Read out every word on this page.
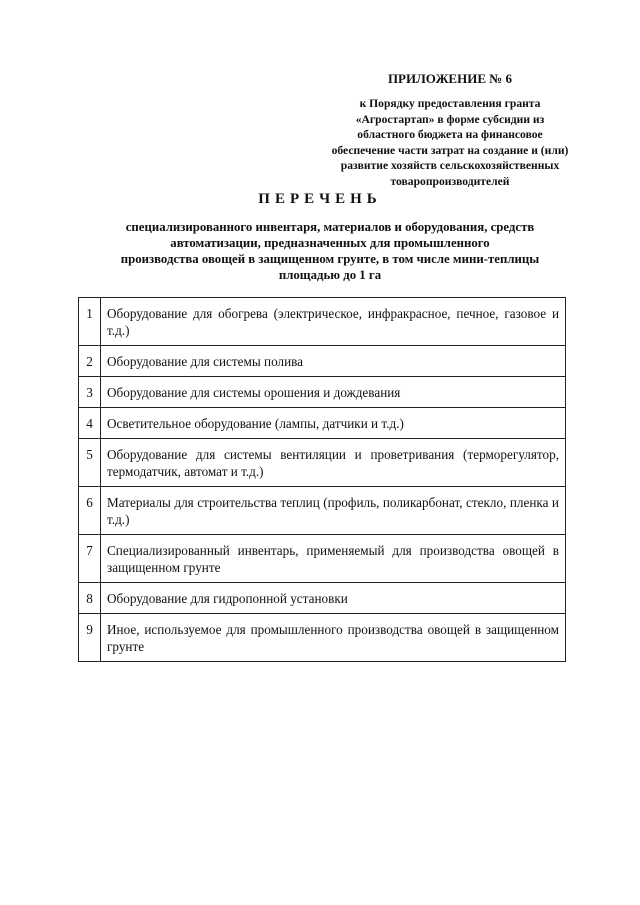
ПРИЛОЖЕНИЕ № 6
к Порядку предоставления гранта
«Агростартап» в форме субсидии из
областного бюджета на финансовое
обеспечение части затрат на создание и (или)
развитие хозяйств сельскохозяйственных
товаропроизводителей
ПЕРЕЧЕНЬ
специализированного инвентаря, материалов и оборудования, средств
автоматизации, предназначенных для промышленного
производства овощей в защищенном грунте, в том числе мини-теплицы
площадью до 1 га
1	Оборудование для обогрева (электрическое, инфракрасное, печное, газовое и т.д.)
2	Оборудование для системы полива
3	Оборудование для системы орошения и дождевания
4	Осветительное оборудование (лампы, датчики и т.д.)
5	Оборудование для системы вентиляции и проветривания (терморегулятор, термодатчик, автомат и т.д.)
6	Материалы для строительства теплиц (профиль, поликарбонат, стекло, пленка и т.д.)
7	Специализированный инвентарь, применяемый для производства овощей в защищенном грунте
8	Оборудование для гидропонной установки
9	Иное, используемое для промышленного производства овощей в защищенном грунте
